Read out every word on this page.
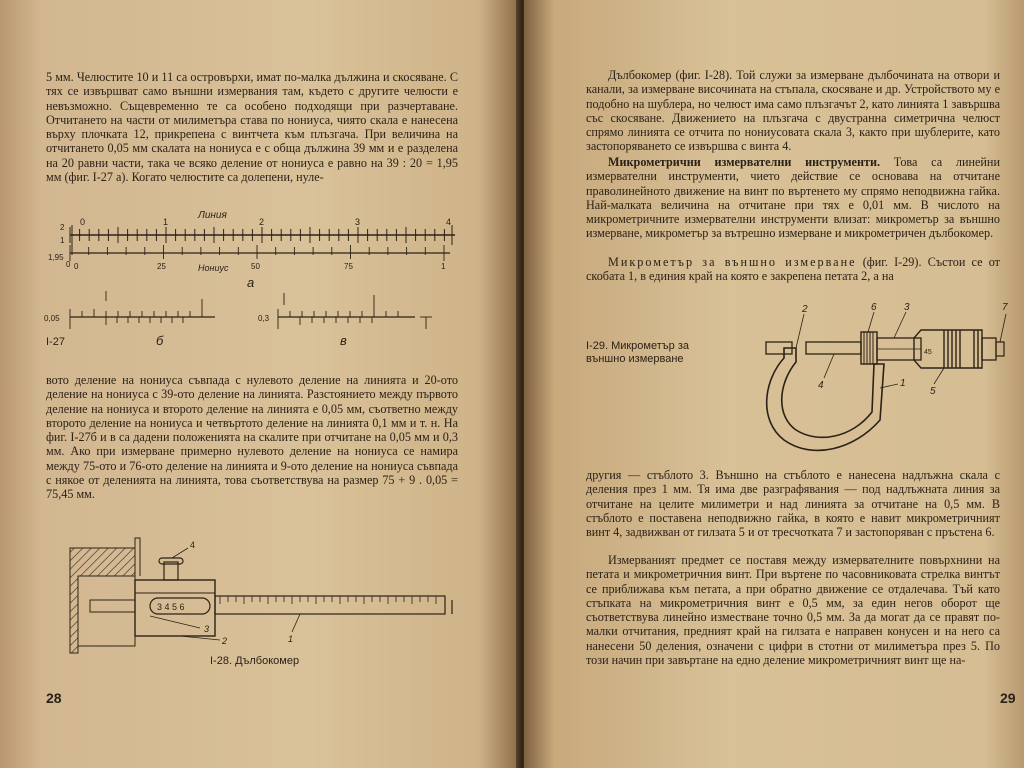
5 мм. Челюстите 10 и 11 са островърхи, имат по-малка дължина и скосяване. С тях се извършват само външни измервания там, където с другите челюсти е невъзможно. Същевременно те са особено подходящи при разчертаване. Отчитането на части от милиметъра става по нониуса, чиято скала е нанесена върху плочката 12, прикрепена с винтчета към плъзгача. При величина на отчитането 0,05 мм скалата на нониуса е с обща дължина 39 мм и е разделена на 20 равни части, така че всяко деление от нониуса е равно на 39 : 20 = 1,95 мм (фиг. I-27 а). Когато челюстите са долепени, нуле-

Линия
0	1	2	3	4
2
1
1,95
0 0	25	Нониус	50	75	1
а
0,05
б
0,3
в
I-27

вото деление на нониуса съвпада с нулевото деление на линията и 20-ото деление на нониуса с 39-ото деление на линията. Разстоянието между първото деление на нониуса и второто деление на линията е 0,05 мм, съответно между второто деление на нониуса и четвъртото деление на линията 0,1 мм и т. н. На фиг. I-27б и в са дадени положенията на скалите при отчитане на 0,05 мм и 0,3 мм. Ако при измерване примерно нулевото деление на нониуса се намира между 75-ото и 76-ото деление на линията и 9-ото деление на нониуса съвпада с някое от деленията на линията, това съответствува на размер 75 + 9 . 0,05 = 75,45 мм.

3 4 5 6
4
2
3
1
I-28. Дълбокомер
28

Дълбокомер (фиг. I-28). Той служи за измерване дълбочината на отвори и канали, за измерване височината на стъпала, скосяване и др. Устройството му е подобно на шублера, но челюст има само плъзгачът 2, като линията 1 завършва със скосяване. Движението на плъзгача с двустранна симетрична челюст спрямо линията се отчита по нониусовата скала 3, както при шублерите, като застопоряването се извършва с винта 4.

Микрометрични измервателни инструменти. Това са линейни измервателни инструменти, чието действие се основава на отчитане праволинейното движение на винт по въртенето му спрямо неподвижна гайка. Най-малката величина на отчитане при тях е 0,01 мм. В числото на микрометричните измервателни инструменти влизат: микрометър за външно измерване, микрометър за вътрешно измерване и микрометричен дълбокомер.

Микрометър за външно измерване (фиг. I-29). Състои се от скобата 1, в единия край на която е закрепена петата 2, а на

I-29. Микрометър за
външно измерване
45
2	6	3	7
4	1
5

другия — стъблото 3. Външно на стъблото е нанесена надлъжна скала с деления през 1 мм. Тя има две разграфявания — под надлъжната линия за отчитане на целите милиметри и над линията за отчитане на 0,5 мм. В стъблото е поставена неподвижно гайка, в която е навит микрометричният винт 4, задвижван от гилзата 5 и от тресчотката 7 и застопоряван с пръстена 6.

Измерваният предмет се поставя между измервателните повърхнини на петата и микрометричния винт. При въртене по часовниковата стрелка винтът се приближава към петата, а при обратно движение се отдалечава. Тъй като стъпката на микрометричния винт е 0,5 мм, за един негов оборот ще съответствува линейно изместване точно 0,5 мм. За да могат да се правят по-малки отчитания, предният край на гилзата е направен конусен и на него са нанесени 50 деления, означени с цифри в стотни от милиметъра през 5. По този начин при завъртане на едно деление микрометричният винт ще на-

29
